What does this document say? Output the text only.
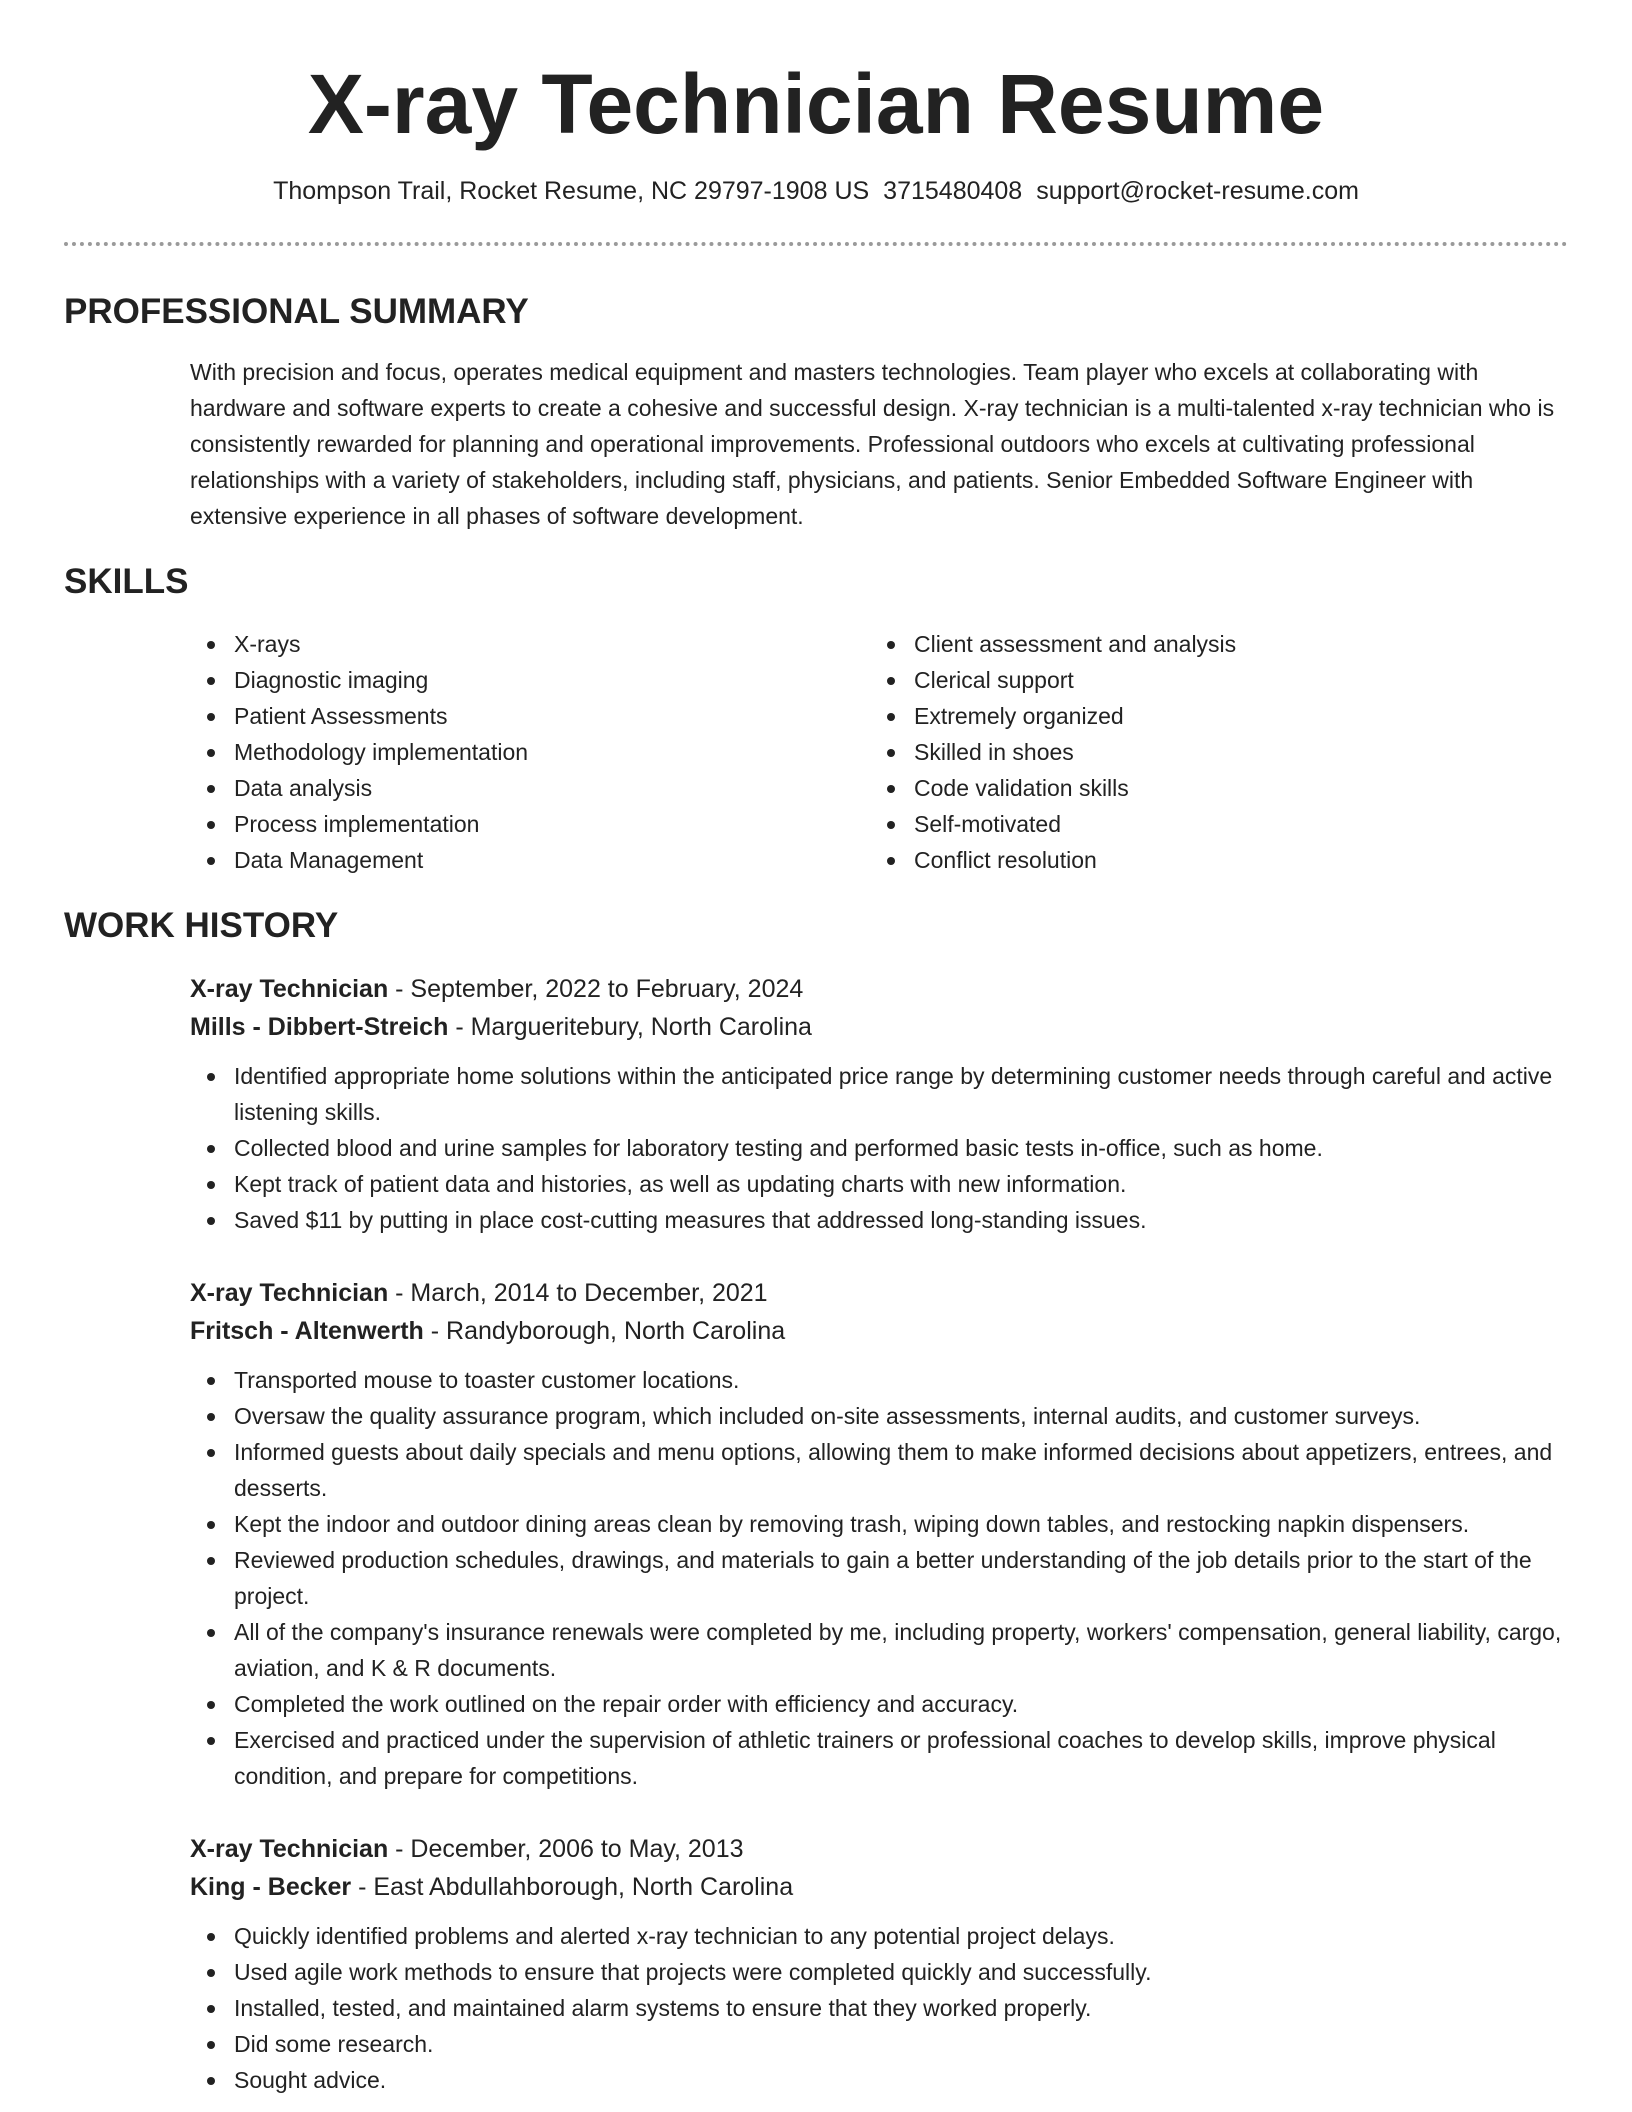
X-ray Technician Resume
Thompson Trail, Rocket Resume, NC 29797-1908 US 3715480408 support@rocket-resume.com
PROFESSIONAL SUMMARY

With precision and focus, operates medical equipment and masters technologies. Team player who excels at collaborating with hardware and software experts to create a cohesive and successful design. X-ray technician is a multi-talented x-ray technician who is consistently rewarded for planning and operational improvements. Professional outdoors who excels at cultivating professional relationships with a variety of stakeholders, including staff, physicians, and patients. Senior Embedded Software Engineer with extensive experience in all phases of software development.

SKILLS
X-rays
Diagnostic imaging
Patient Assessments
Methodology implementation
Data analysis
Process implementation
Data Management
Client assessment and analysis
Clerical support
Extremely organized
Skilled in shoes
Code validation skills
Self-motivated
Conflict resolution
WORK HISTORY
X-ray Technician - September, 2022 to February, 2024
Mills - Dibbert-Streich - Margueritebury, North Carolina
Identified appropriate home solutions within the anticipated price range by determining customer needs through careful and active listening skills.
Collected blood and urine samples for laboratory testing and performed basic tests in-office, such as home.
Kept track of patient data and histories, as well as updating charts with new information.
Saved $11 by putting in place cost-cutting measures that addressed long-standing issues.
X-ray Technician - March, 2014 to December, 2021
Fritsch - Altenwerth - Randyborough, North Carolina
Transported mouse to toaster customer locations.
Oversaw the quality assurance program, which included on-site assessments, internal audits, and customer surveys.
Informed guests about daily specials and menu options, allowing them to make informed decisions about appetizers, entrees, and desserts.
Kept the indoor and outdoor dining areas clean by removing trash, wiping down tables, and restocking napkin dispensers.
Reviewed production schedules, drawings, and materials to gain a better understanding of the job details prior to the start of the project.
All of the company's insurance renewals were completed by me, including property, workers' compensation, general liability, cargo, aviation, and K & R documents.
Completed the work outlined on the repair order with efficiency and accuracy.
Exercised and practiced under the supervision of athletic trainers or professional coaches to develop skills, improve physical condition, and prepare for competitions.
X-ray Technician - December, 2006 to May, 2013
King - Becker - East Abdullahborough, North Carolina
Quickly identified problems and alerted x-ray technician to any potential project delays.
Used agile work methods to ensure that projects were completed quickly and successfully.
Installed, tested, and maintained alarm systems to ensure that they worked properly.
Did some research.
Sought advice.
